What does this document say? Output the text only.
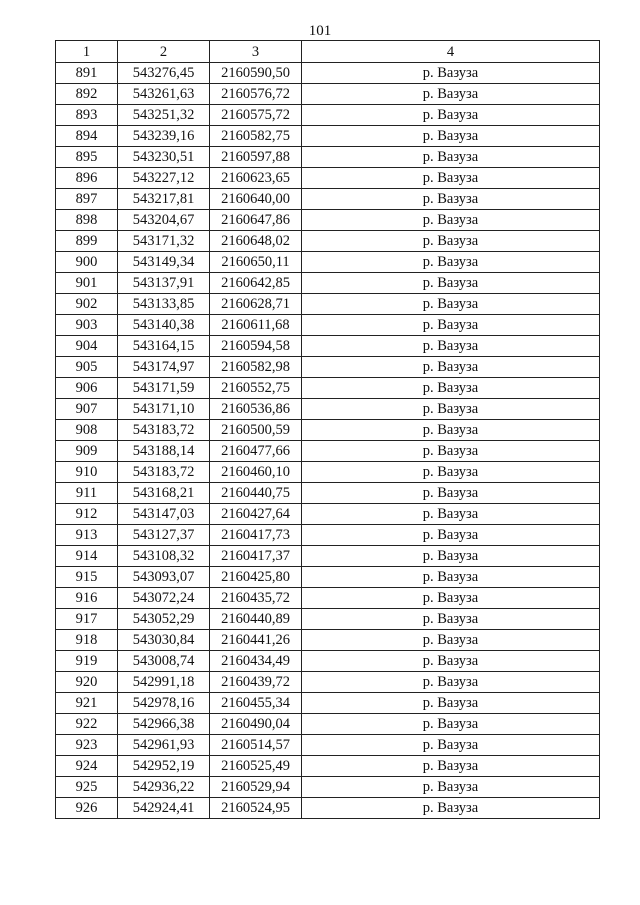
101
1	2	3	4
891	543276,45	2160590,50	р. Вазуза
892	543261,63	2160576,72	р. Вазуза
893	543251,32	2160575,72	р. Вазуза
894	543239,16	2160582,75	р. Вазуза
895	543230,51	2160597,88	р. Вазуза
896	543227,12	2160623,65	р. Вазуза
897	543217,81	2160640,00	р. Вазуза
898	543204,67	2160647,86	р. Вазуза
899	543171,32	2160648,02	р. Вазуза
900	543149,34	2160650,11	р. Вазуза
901	543137,91	2160642,85	р. Вазуза
902	543133,85	2160628,71	р. Вазуза
903	543140,38	2160611,68	р. Вазуза
904	543164,15	2160594,58	р. Вазуза
905	543174,97	2160582,98	р. Вазуза
906	543171,59	2160552,75	р. Вазуза
907	543171,10	2160536,86	р. Вазуза
908	543183,72	2160500,59	р. Вазуза
909	543188,14	2160477,66	р. Вазуза
910	543183,72	2160460,10	р. Вазуза
911	543168,21	2160440,75	р. Вазуза
912	543147,03	2160427,64	р. Вазуза
913	543127,37	2160417,73	р. Вазуза
914	543108,32	2160417,37	р. Вазуза
915	543093,07	2160425,80	р. Вазуза
916	543072,24	2160435,72	р. Вазуза
917	543052,29	2160440,89	р. Вазуза
918	543030,84	2160441,26	р. Вазуза
919	543008,74	2160434,49	р. Вазуза
920	542991,18	2160439,72	р. Вазуза
921	542978,16	2160455,34	р. Вазуза
922	542966,38	2160490,04	р. Вазуза
923	542961,93	2160514,57	р. Вазуза
924	542952,19	2160525,49	р. Вазуза
925	542936,22	2160529,94	р. Вазуза
926	542924,41	2160524,95	р. Вазуза
